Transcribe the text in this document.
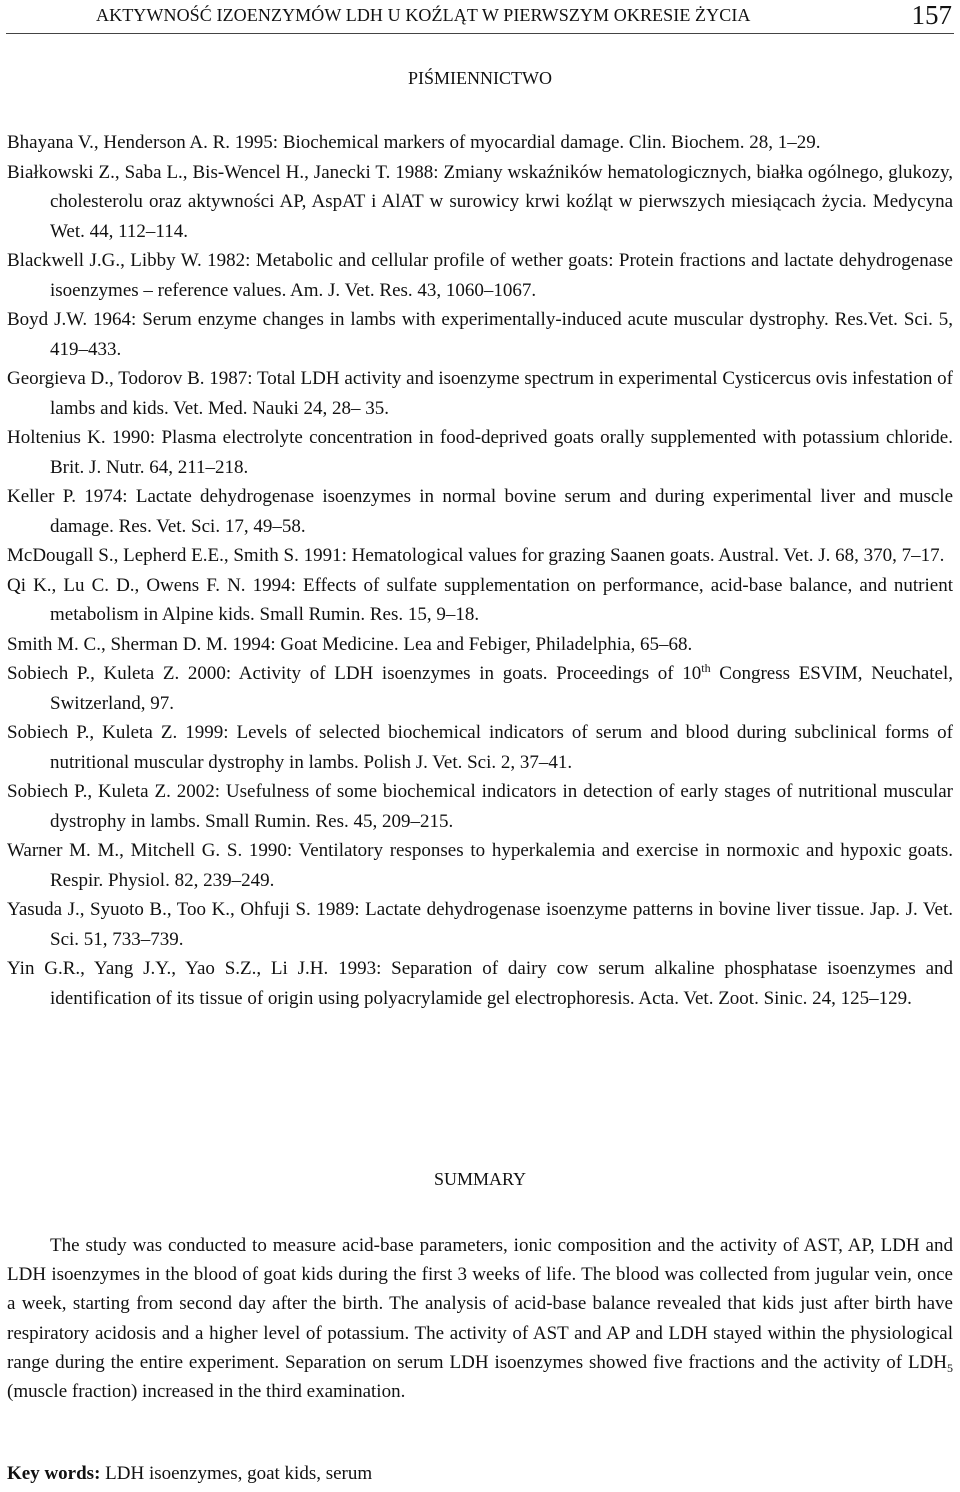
AKTYWNOŚĆ IZOENZYMÓW LDH U KOŹLĄT W PIERWSZYM OKRESIE ŻYCIA	157
PIŚMIENNICTWO

Bhayana V., Henderson A. R. 1995: Biochemical markers of myocardial damage. Clin. Biochem. 28, 1–29.

Białkowski Z., Saba L., Bis-Wencel H., Janecki T. 1988: Zmiany wskaźników hematologicznych, białka ogólnego, glukozy, cholesterolu oraz aktywności AP, AspAT i AlAT w surowicy krwi koźląt w pierwszych miesiącach życia. Medycyna Wet. 44, 112–114.

Blackwell J.G., Libby W. 1982: Metabolic and cellular profile of wether goats: Protein fractions and lactate dehydrogenase isoenzymes – reference values. Am. J. Vet. Res. 43, 1060–1067.

Boyd J.W. 1964: Serum enzyme changes in lambs with experimentally-induced acute muscular dystrophy. Res.Vet. Sci. 5, 419–433.

Georgieva D., Todorov B. 1987: Total LDH activity and isoenzyme spectrum in experimental Cysticercus ovis infestation of lambs and kids. Vet. Med. Nauki 24, 28– 35.

Holtenius K. 1990: Plasma electrolyte concentration in food-deprived goats orally supplemented with potassium chloride. Brit. J. Nutr. 64, 211–218.

Keller P. 1974: Lactate dehydrogenase isoenzymes in normal bovine serum and during experimental liver and muscle damage. Res. Vet. Sci. 17, 49–58.

McDougall S., Lepherd E.E., Smith S. 1991: Hematological values for grazing Saanen goats. Austral. Vet. J. 68, 370, 7–17.

Qi K., Lu C. D., Owens F. N. 1994: Effects of sulfate supplementation on performance, acid-base balance, and nutrient metabolism in Alpine kids. Small Rumin. Res. 15, 9–18.

Smith M. C., Sherman D. M. 1994: Goat Medicine. Lea and Febiger, Philadelphia, 65–68.

Sobiech P., Kuleta Z. 2000: Activity of LDH isoenzymes in goats. Proceedings of 10th Congress ESVIM, Neuchatel, Switzerland, 97.

Sobiech P., Kuleta Z. 1999: Levels of selected biochemical indicators of serum and blood during subclinical forms of nutritional muscular dystrophy in lambs. Polish J. Vet. Sci. 2, 37–41.

Sobiech P., Kuleta Z. 2002: Usefulness of some biochemical indicators in detection of early stages of nutritional muscular dystrophy in lambs. Small Rumin. Res. 45, 209–215.

Warner M. M., Mitchell G. S. 1990: Ventilatory responses to hyperkalemia and exercise in normoxic and hypoxic goats. Respir. Physiol. 82, 239–249.

Yasuda J., Syuoto B., Too K., Ohfuji S. 1989: Lactate dehydrogenase isoenzyme patterns in bovine liver tissue. Jap. J. Vet. Sci. 51, 733–739.

Yin G.R., Yang J.Y., Yao S.Z., Li J.H. 1993: Separation of dairy cow serum alkaline phosphatase isoenzymes and identification of its tissue of origin using polyacrylamide gel electrophoresis. Acta. Vet. Zoot. Sinic. 24, 125–129.

SUMMARY

The study was conducted to measure acid-base parameters, ionic composition and the activity of AST, AP, LDH and LDH isoenzymes in the blood of goat kids during the first 3 weeks of life. The blood was collected from jugular vein, once a week, starting from second day after the birth. The analysis of acid-base balance revealed that kids just after birth have respiratory acidosis and a higher level of potassium. The activity of AST and AP and LDH stayed within the physiological range during the entire experiment. Separation on serum LDH isoenzymes showed five fractions and the activity of $LDH_5$ (muscle fraction) increased in the third examination.

Key words: LDH isoenzymes, goat kids, serum
